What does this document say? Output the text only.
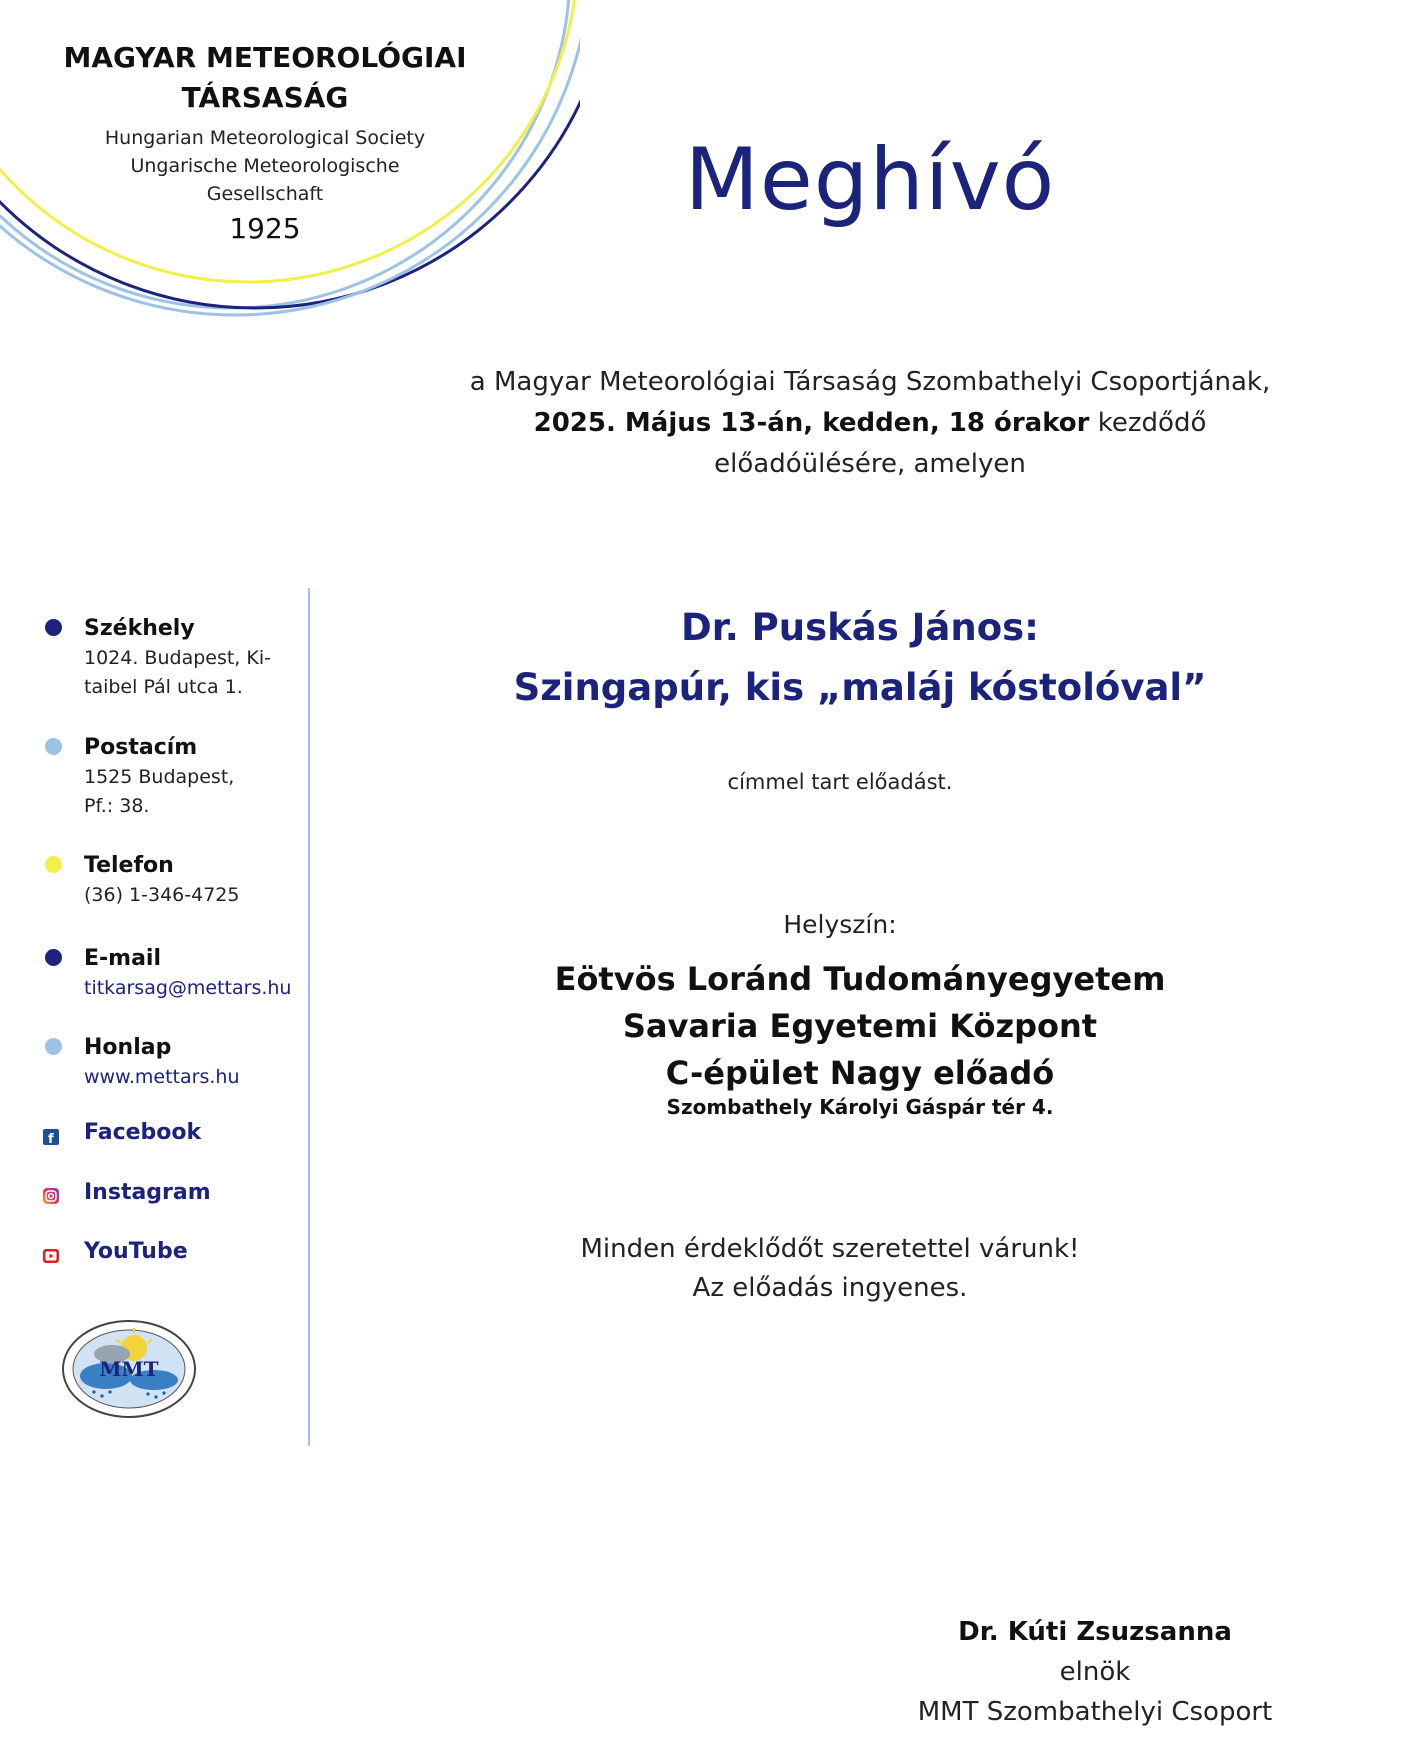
MAGYAR METEOROLÓGIAI
TÁRSASÁG
Hungarian Meteorological Society
Ungarische Meteorologische
Gesellschaft
1925	Meghívó
a Magyar Meteorológiai Társaság Szombathelyi Csoportjának,
2025. Május 13-án, kedden, 18 órakor kezdődő
előadóülésére, amelyen
Székhely
1024. Budapest, Ki-
taibel Pál utca 1.
Postacím
1525 Budapest,
Pf.: 38.
Telefon
(36) 1-346-4725
E-mail
titkarsag@mettars.hu
Honlap
www.mettars.hu
f Facebook
Instagram
YouTube
MMT
Dr. Puskás János:
Szingapúr, kis „maláj kóstolóval”
címmel tart előadást.
Helyszín:
Eötvös Loránd Tudományegyetem
Savaria Egyetemi Központ
C-épület Nagy előadó
Szombathely Károlyi Gáspár tér 4.
Minden érdeklődőt szeretettel várunk!
Az előadás ingyenes.
Dr. Kúti Zsuzsanna
elnök
MMT Szombathelyi Csoport
